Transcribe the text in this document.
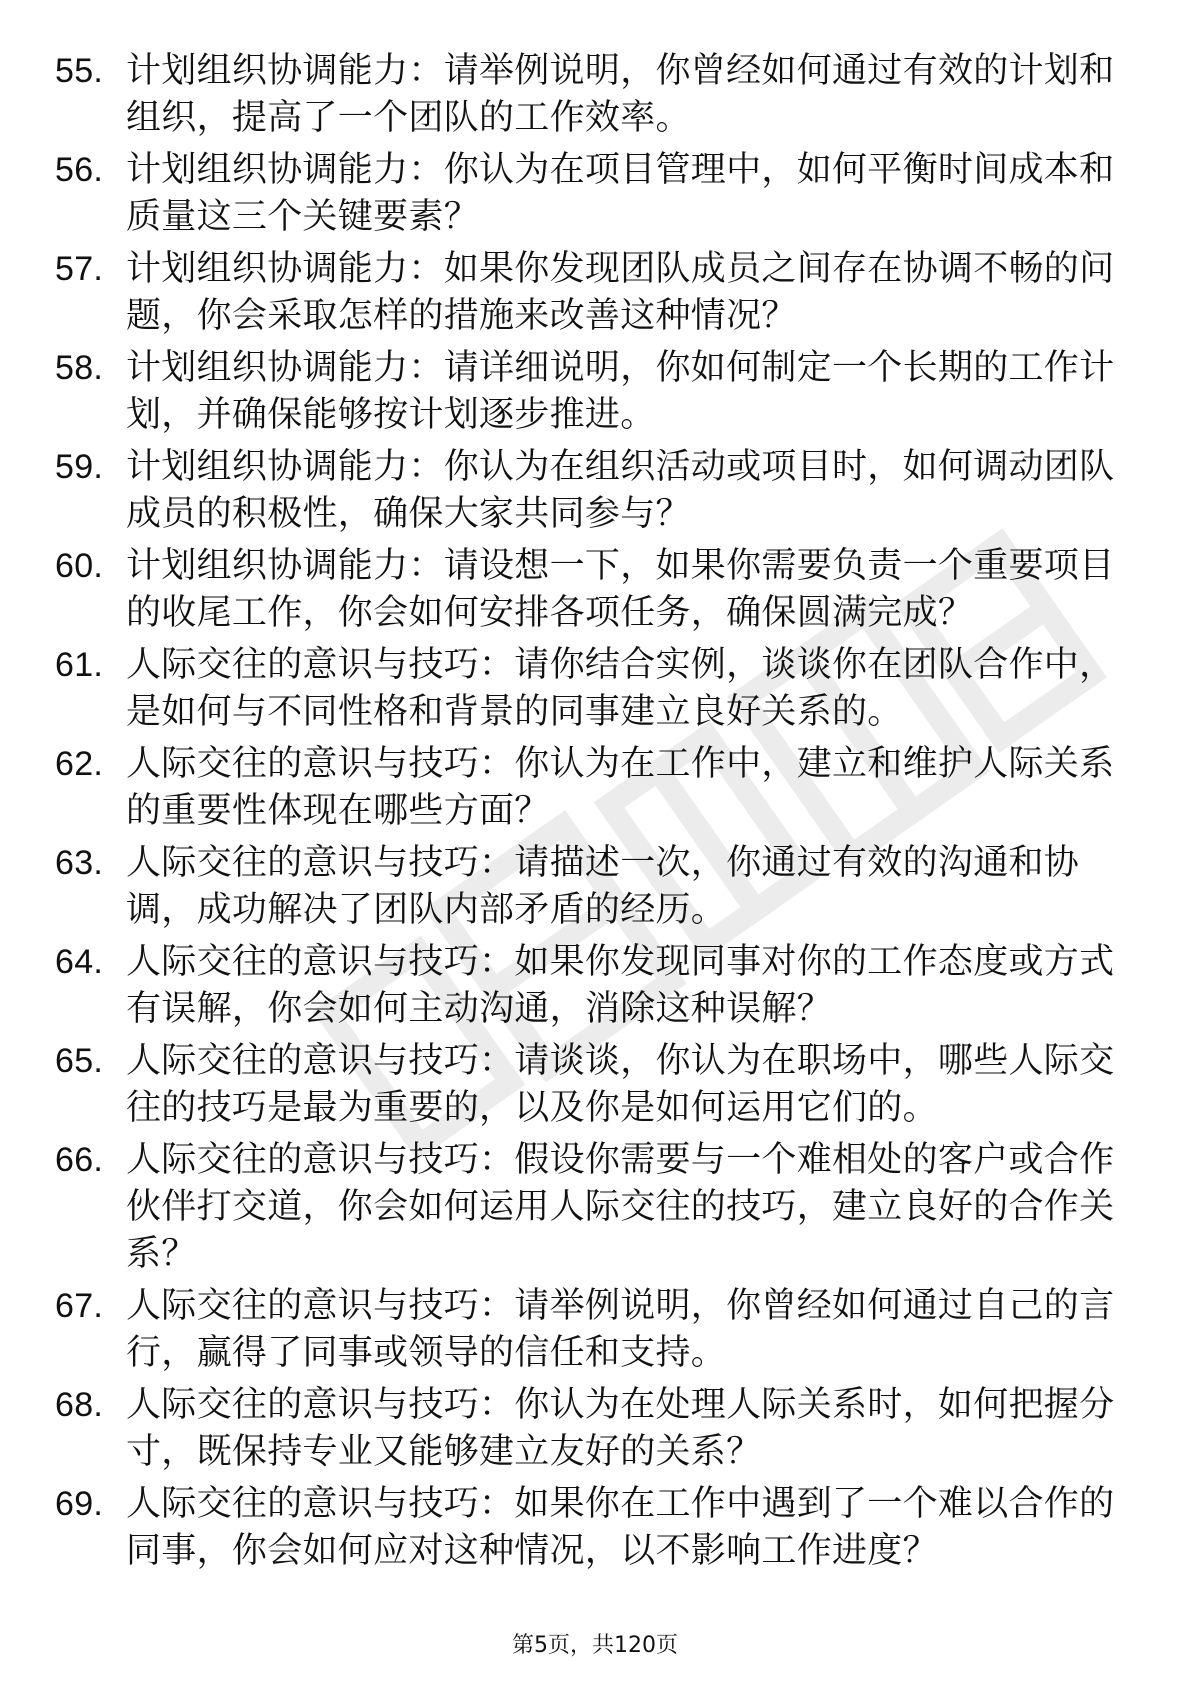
55. 计划组织协调能力：请举例说明，你曾经如何通过有效的计划和组织，提高了一个团队的工作效率。
56. 计划组织协调能力：你认为在项目管理中，如何平衡时间成本和质量这三个关键要素？
57. 计划组织协调能力：如果你发现团队成员之间存在协调不畅的问题，你会采取怎样的措施来改善这种情况？
58. 计划组织协调能力：请详细说明，你如何制定一个长期的工作计划，并确保能够按计划逐步推进。
59. 计划组织协调能力：你认为在组织活动或项目时，如何调动团队成员的积极性，确保大家共同参与？
60. 计划组织协调能力：请设想一下，如果你需要负责一个重要项目的收尾工作，你会如何安排各项任务，确保圆满完成？
61. 人际交往的意识与技巧：请你结合实例，谈谈你在团队合作中，是如何与不同性格和背景的同事建立良好关系的。
62. 人际交往的意识与技巧：你认为在工作中，建立和维护人际关系的重要性体现在哪些方面？
63. 人际交往的意识与技巧：请描述一次，你通过有效的沟通和协调，成功解决了团队内部矛盾的经历。
64. 人际交往的意识与技巧：如果你发现同事对你的工作态度或方式有误解，你会如何主动沟通，消除这种误解？
65. 人际交往的意识与技巧：请谈谈，你认为在职场中，哪些人际交往的技巧是最为重要的，以及你是如何运用它们的。
66. 人际交往的意识与技巧：假设你需要与一个难相处的客户或合作伙伴打交道，你会如何运用人际交往的技巧，建立良好的合作关系？
67. 人际交往的意识与技巧：请举例说明，你曾经如何通过自己的言行，赢得了同事或领导的信任和支持。
68. 人际交往的意识与技巧：你认为在处理人际关系时，如何把握分寸，既保持专业又能够建立友好的关系？
69. 人际交往的意识与技巧：如果你在工作中遇到了一个难以合作的同事，你会如何应对这种情况，以不影响工作进度？
第5页，共120页
